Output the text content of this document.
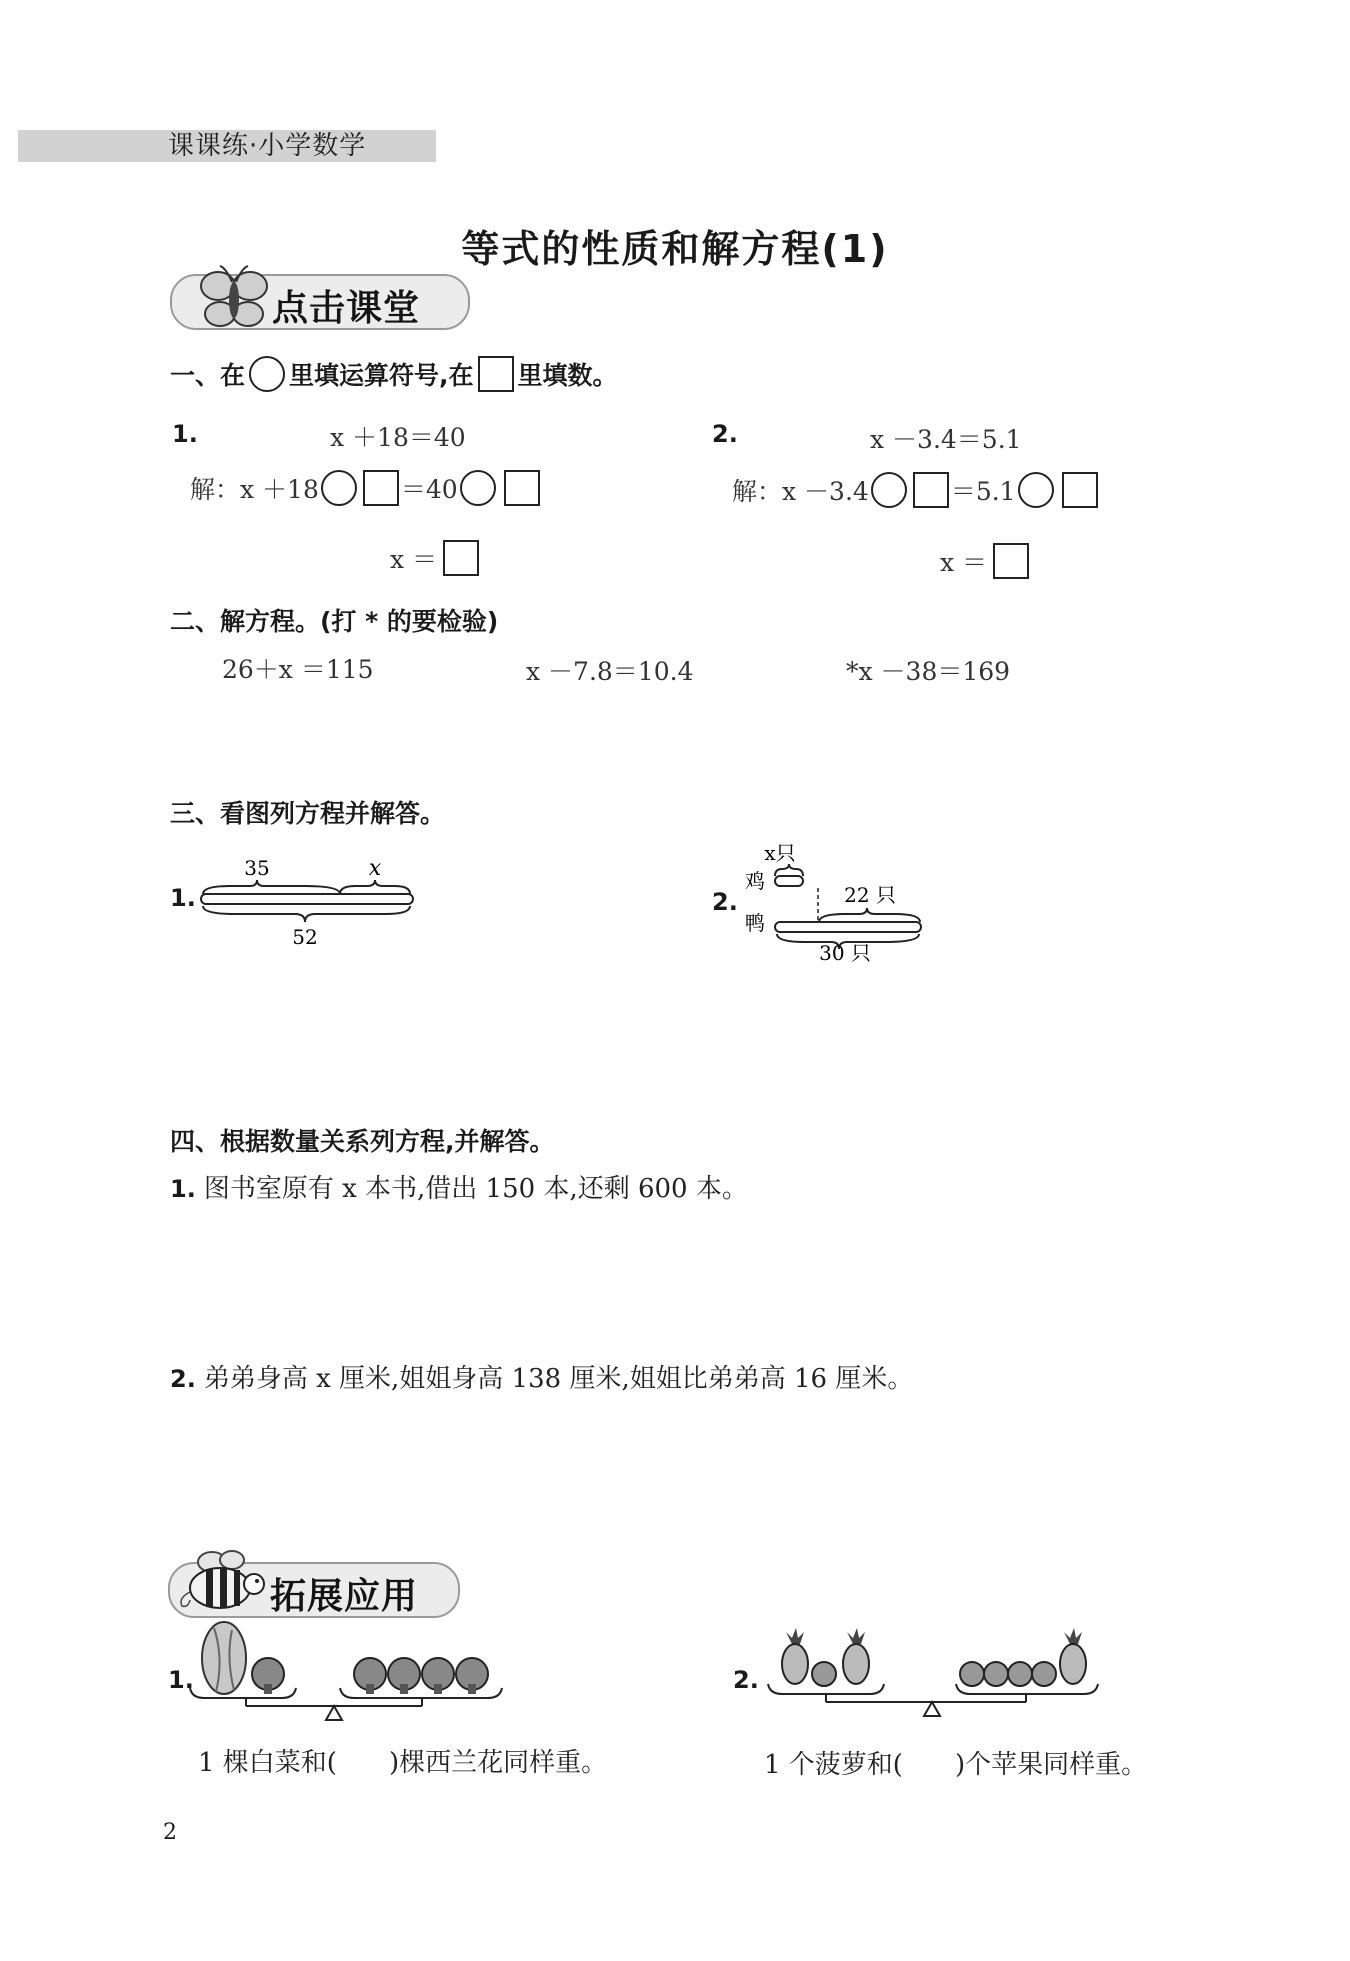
课课练·小学数学
等式的性质和解方程(1)
点击课堂
一、在 里填运算符号,在 里填数。
1.	x ＋18＝40
解：x ＋18	＝40
x ＝
2.	x －3.4＝5.1
解：x －3.4	＝5.1
x ＝
二、解方程。(打 * 的要检验)
26＋x ＝115	x －7.8＝10.4	*x －38＝169
三、看图列方程并解答。
1.
35	x
52
2.
x只
鸡
22 只
鸭
30 只
四、根据数量关系列方程,并解答。
1. 图书室原有 x 本书,借出 150 本,还剩 600 本。
2. 弟弟身高 x 厘米,姐姐身高 138 厘米,姐姐比弟弟高 16 厘米。
拓展应用
1.
1 棵白菜和(　　)棵西兰花同样重。
2.
1 个菠萝和(　　)个苹果同样重。
2
